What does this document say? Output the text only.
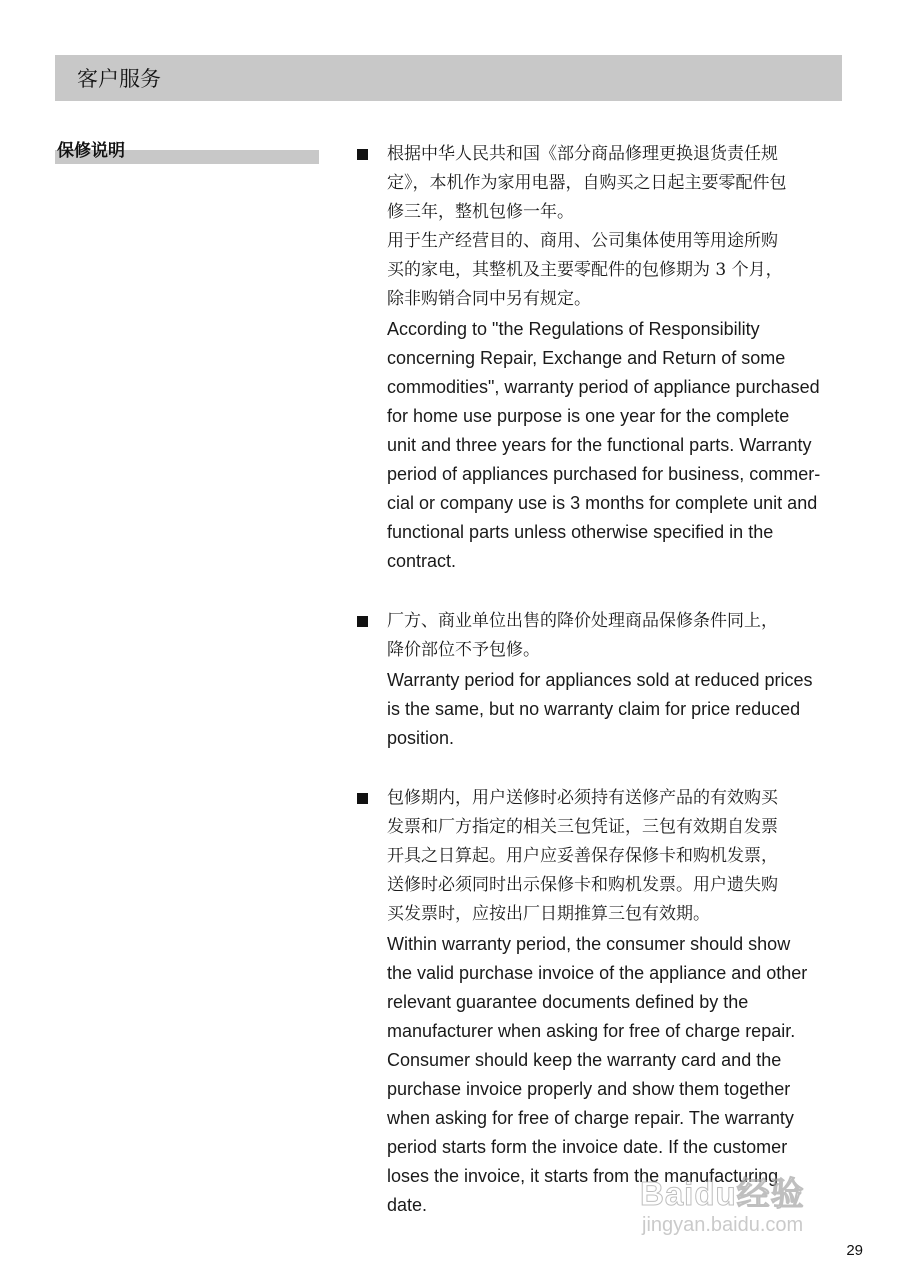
客户服务
保修说明	根据中华人民共和国《部分商品修理更换退货责任规
定》，本机作为家用电器，自购买之日起主要零配件包
修三年，整机包修一年。
用于生产经营目的、商用、公司集体使用等用途所购
买的家电，其整机及主要零配件的包修期为 3 个月，
除非购销合同中另有规定。

According to "the Regulations of Responsibility
concerning Repair, Exchange and Return of some
commodities", warranty period of appliance purchased
for home use purpose is one year for the complete
unit and three years for the functional parts. Warranty
period of appliances purchased for business, commer-
cial or company use is 3 months for complete unit and
functional parts unless otherwise specified in the
contract.

厂方、商业单位出售的降价处理商品保修条件同上，
降价部位不予包修。

Warranty period for appliances sold at reduced prices
is the same, but no warranty claim for price reduced
position.

包修期内，用户送修时必须持有送修产品的有效购买
发票和厂方指定的相关三包凭证，三包有效期自发票
开具之日算起。用户应妥善保存保修卡和购机发票，
送修时必须同时出示保修卡和购机发票。用户遗失购
买发票时，应按出厂日期推算三包有效期。

Within warranty period, the consumer should show
the valid purchase invoice of the appliance and other
relevant guarantee documents defined by the
manufacturer when asking for free of charge repair.
Consumer should keep the warranty card and the
purchase invoice properly and show them together
when asking for free of charge repair. The warranty
period starts form the invoice date. If the customer
loses the invoice, it starts from the manufacturing
date.	Baidu经验
jingyan.baidu.com
29
